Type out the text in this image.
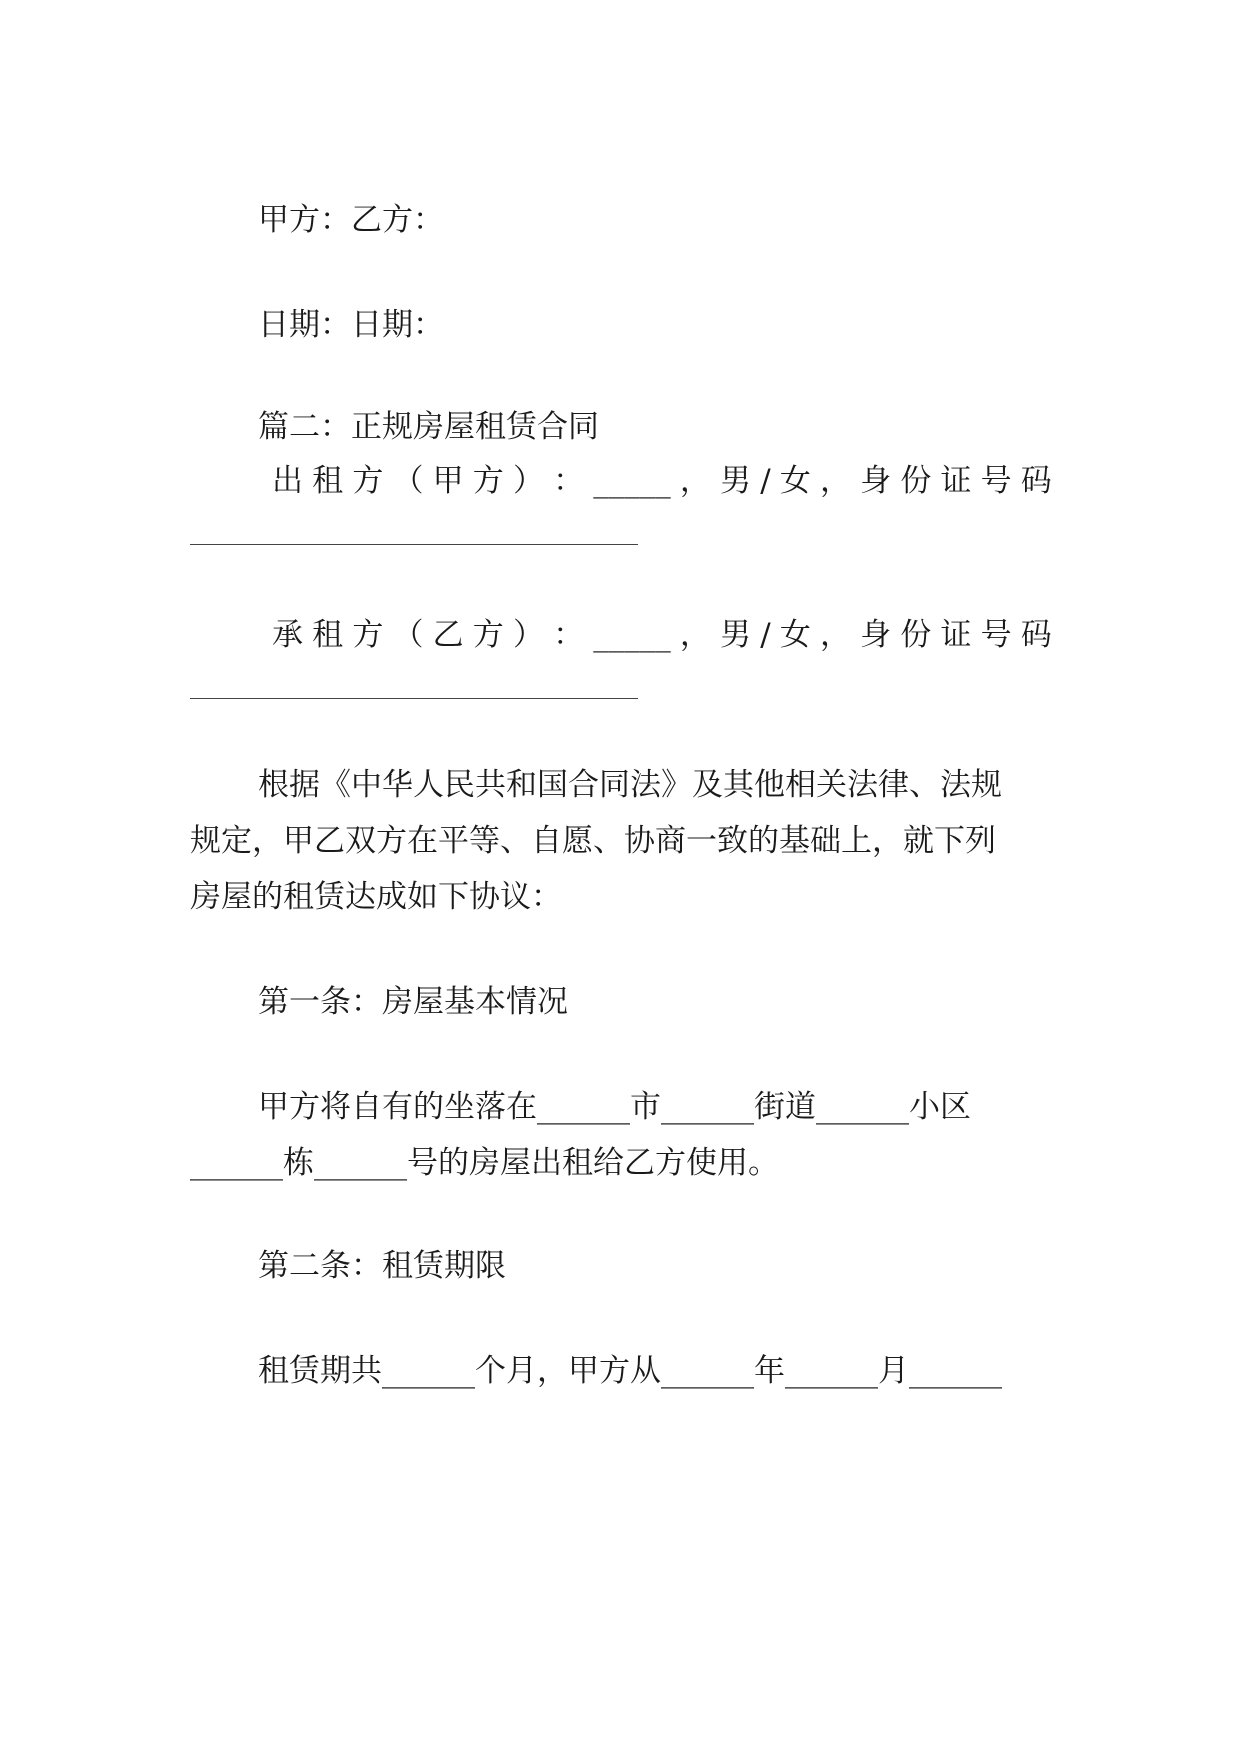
甲方：乙方：
日期：日期：
篇二：正规房屋租赁合同
出 租 方 （ 甲 方 ） ： _____ ， 男 / 女 ， 身 份 证 号 码
承 租 方 （ 乙 方 ） ： _____ ， 男 / 女 ， 身 份 证 号 码
根据《中华人民共和国合同法》及其他相关法律、法规
规定，甲乙双方在平等、自愿、协商一致的基础上，就下列
房屋的租赁达成如下协议：
第一条：房屋基本情况
甲方将自有的坐落在______市______街道______小区
______栋______号的房屋出租给乙方使用。
第二条：租赁期限
租赁期共______个月，甲方从______年______月______
